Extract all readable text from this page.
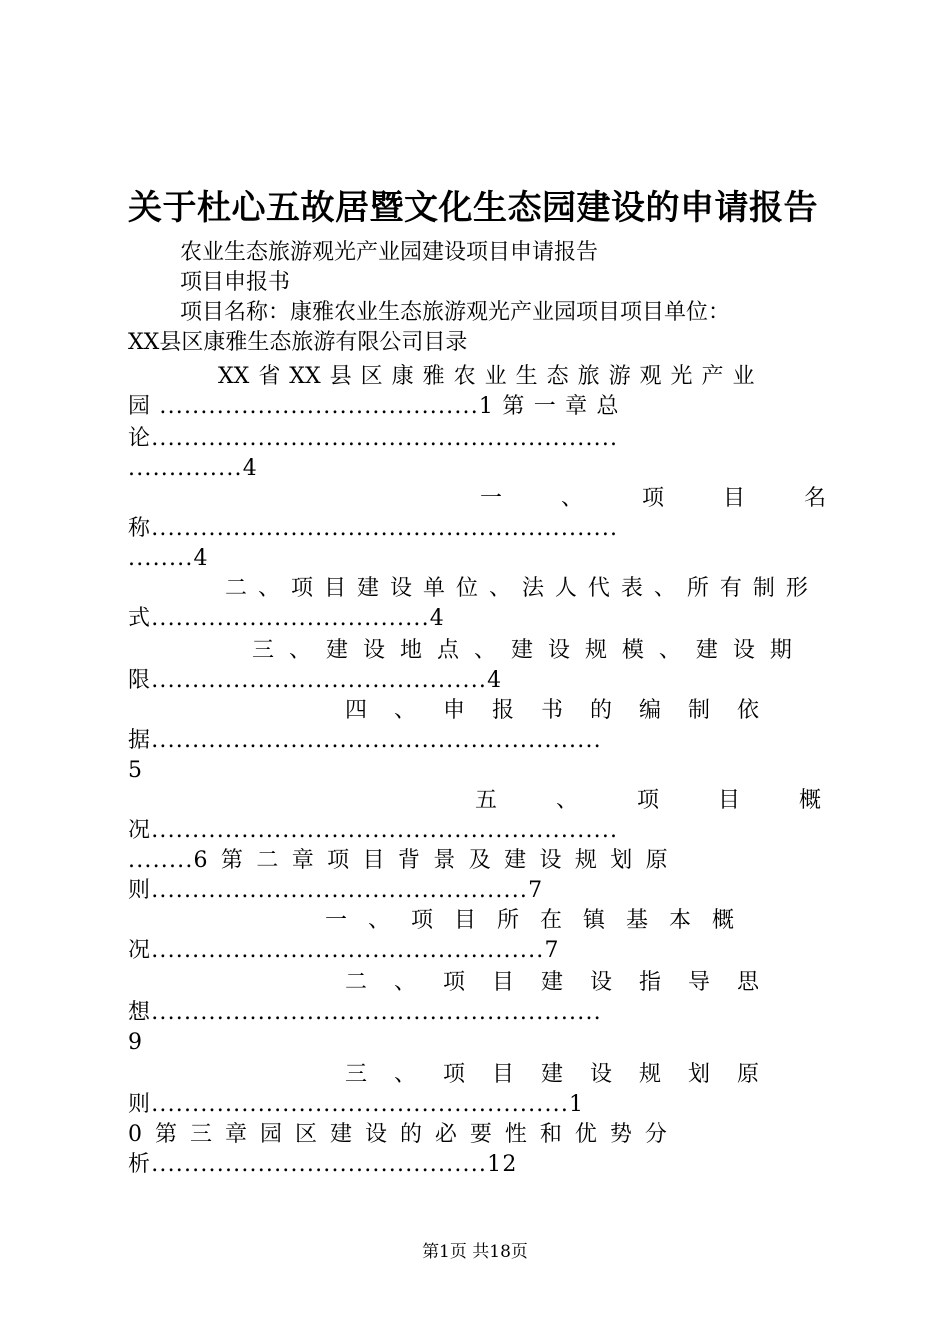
关于杜心五故居暨文化生态园建设的申请报告
农业生态旅游观光产业园建设项目申请报告
项目申报书
项目名称：康雅农业生态旅游观光产业园项目项目单位：
XX县区康雅生态旅游有限公司目录
XX 省 XX 县 区 康 雅 农 业 生 态 旅 游 观 光 产 业
园 .......................................1 第 一 章 总
论.........................................................
..............4
一 、 项 目 名
称.........................................................
........4
二 、 项 目 建 设 单 位 、 法 人 代 表 、 所 有 制 形
式..................................4
三 、 建 设 地 点 、 建 设 规 模 、 建 设 期
限.........................................4
四 、 申 报 书 的 编 制 依
据.......................................................
5
五 、 项 目 概
况.........................................................
........6 第 二 章 项 目 背 景 及 建 设 规 划 原
则..............................................7
一 、 项 目 所 在 镇 基 本 概
况................................................7
二 、 项 目 建 设 指 导 思
想.......................................................
9
三 、 项 目 建 设 规 划 原
则...................................................1
0 第 三 章 园 区 建 设 的 必 要 性 和 优 势 分
析.........................................12
第1页 共18页
